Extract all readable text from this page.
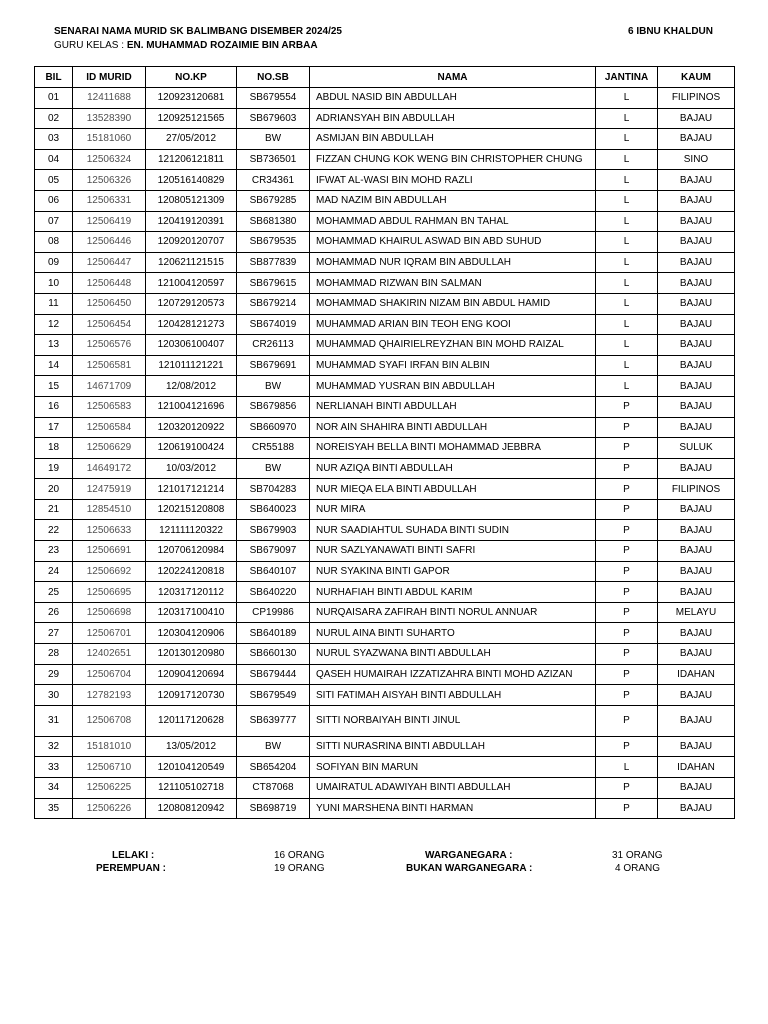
SENARAI NAMA MURID SK BALIMBANG DISEMBER 2024/25	6 IBNU KHALDUN
GURU KELAS : EN. MUHAMMAD ROZAIMIE BIN ARBAA
BIL	ID MURID	NO.KP	NO.SB	NAMA	JANTINA	KAUM
01	12411688	120923120681	SB679554	ABDUL NASID BIN ABDULLAH	L	FILIPINOS
02	13528390	120925121565	SB679603	ADRIANSYAH BIN ABDULLAH	L	BAJAU
03	15181060	27/05/2012	BW	ASMIJAN BIN ABDULLAH	L	BAJAU
04	12506324	121206121811	SB736501	FIZZAN CHUNG KOK WENG BIN CHRISTOPHER CHUNG	L	SINO
05	12506326	120516140829	CR34361	IFWAT AL-WASI BIN MOHD RAZLI	L	BAJAU
06	12506331	120805121309	SB679285	MAD NAZIM BIN ABDULLAH	L	BAJAU
07	12506419	120419120391	SB681380	MOHAMMAD ABDUL RAHMAN BN TAHAL	L	BAJAU
08	12506446	120920120707	SB679535	MOHAMMAD KHAIRUL ASWAD BIN ABD SUHUD	L	BAJAU
09	12506447	120621121515	SB877839	MOHAMMAD NUR IQRAM BIN ABDULLAH	L	BAJAU
10	12506448	121004120597	SB679615	MOHAMMAD RIZWAN BIN SALMAN	L	BAJAU
11	12506450	120729120573	SB679214	MOHAMMAD SHAKIRIN NIZAM BIN ABDUL HAMID	L	BAJAU
12	12506454	120428121273	SB674019	MUHAMMAD ARIAN BIN TEOH ENG KOOI	L	BAJAU
13	12506576	120306100407	CR26113	MUHAMMAD QHAIRIELREYZHAN BIN MOHD RAIZAL	L	BAJAU
14	12506581	121011121221	SB679691	MUHAMMAD SYAFI IRFAN BIN ALBIN	L	BAJAU
15	14671709	12/08/2012	BW	MUHAMMAD YUSRAN BIN ABDULLAH	L	BAJAU
16	12506583	121004121696	SB679856	NERLIANAH BINTI ABDULLAH	P	BAJAU
17	12506584	120320120922	SB660970	NOR AIN SHAHIRA BINTI ABDULLAH	P	BAJAU
18	12506629	120619100424	CR55188	NOREISYAH BELLA BINTI MOHAMMAD JEBBRA	P	SULUK
19	14649172	10/03/2012	BW	NUR AZIQA BINTI ABDULLAH	P	BAJAU
20	12475919	121017121214	SB704283	NUR MIEQA ELA BINTI ABDULLAH	P	FILIPINOS
21	12854510	120215120808	SB640023	NUR MIRA	P	BAJAU
22	12506633	121111120322	SB679903	NUR SAADIAHTUL SUHADA BINTI SUDIN	P	BAJAU
23	12506691	120706120984	SB679097	NUR SAZLYANAWATI BINTI SAFRI	P	BAJAU
24	12506692	120224120818	SB640107	NUR SYAKINA BINTI GAPOR	P	BAJAU
25	12506695	120317120112	SB640220	NURHAFIAH BINTI ABDUL KARIM	P	BAJAU
26	12506698	120317100410	CP19986	NURQAISARA ZAFIRAH BINTI NORUL ANNUAR	P	MELAYU
27	12506701	120304120906	SB640189	NURUL AINA BINTI SUHARTO	P	BAJAU
28	12402651	120130120980	SB660130	NURUL SYAZWANA BINTI ABDULLAH	P	BAJAU
29	12506704	120904120694	SB679444	QASEH HUMAIRAH IZZATIZAHRA BINTI MOHD AZIZAN	P	IDAHAN
30	12782193	120917120730	SB679549	SITI FATIMAH AISYAH BINTI ABDULLAH	P	BAJAU
31	12506708	120117120628	SB639777	SITTI NORBAIYAH BINTI JINUL	P	BAJAU
32	15181010	13/05/2012	BW	SITTI NURASRINA BINTI ABDULLAH	P	BAJAU
33	12506710	120104120549	SB654204	SOFIYAN BIN MARUN	L	IDAHAN
34	12506225	121105102718	CT87068	UMAIRATUL ADAWIYAH BINTI ABDULLAH	P	BAJAU
35	12506226	120808120942	SB698719	YUNI MARSHENA BINTI HARMAN	P	BAJAU
LELAKI :	16 ORANG
PEREMPUAN :	19 ORANG
WARGANEGARA :	31 ORANG
BUKAN WARGANEGARA :	4 ORANG
